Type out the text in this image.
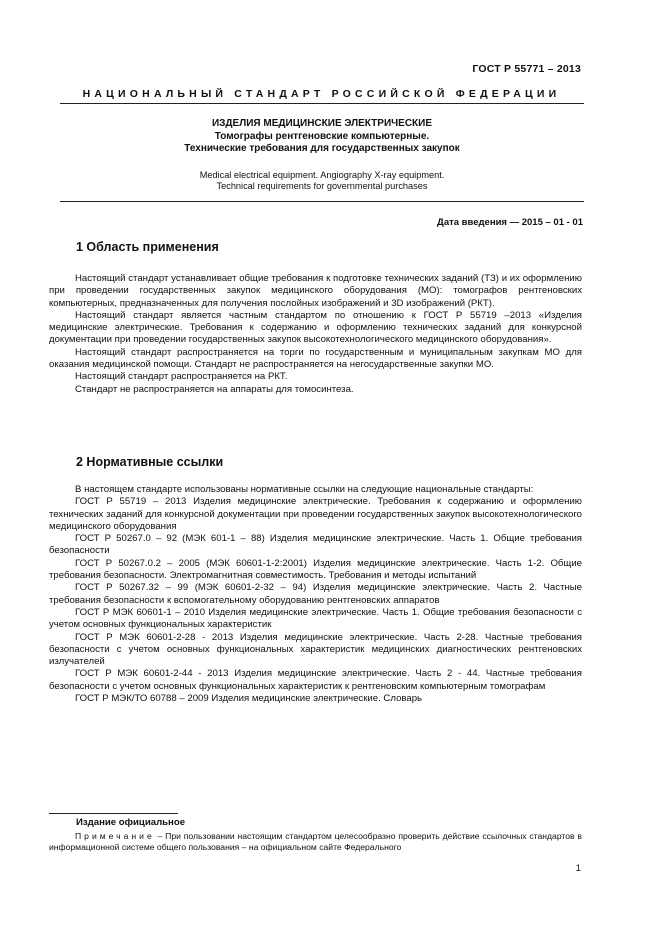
ГОСТ Р 55771 – 2013
НАЦИОНАЛЬНЫЙ СТАНДАРТ РОССИЙСКОЙ ФЕДЕРАЦИИ
ИЗДЕЛИЯ МЕДИЦИНСКИЕ ЭЛЕКТРИЧЕСКИЕ
Томографы рентгеновские компьютерные.
Технические требования для государственных закупок
Medical electrical equipment. Angiography X-ray equipment.
Technical requirements for governmental purchases
Дата введения — 2015 – 01 - 01
1 Область применения

Настоящий стандарт устанавливает общие требования к подготовке технических заданий (ТЗ) и их оформлению при проведении государственных закупок медицинского оборудования (МО): томографов рентгеновских компьютерных, предназначенных для получения послойных изображений и 3D изображений (РКТ).

Настоящий стандарт является частным стандартом по отношению к ГОСТ Р 55719 –2013 «Изделия медицинские электрические. Требования к содержанию и оформлению технических заданий для конкурсной документации при проведении государственных закупок высокотехнологического медицинского оборудования».

Настоящий стандарт распространяется на торги по государственным и муниципальным закупкам МО для оказания медицинской помощи. Стандарт не распространяется на негосударственные закупки МО.

Настоящий стандарт распространяется на РКТ.

Стандарт не распространяется на аппараты для томосинтеза.

2 Нормативные ссылки

В настоящем стандарте использованы нормативные ссылки на следующие национальные стандарты:

ГОСТ Р 55719 – 2013 Изделия медицинские электрические. Требования к содержанию и оформлению технических заданий для конкурсной документации при проведении государственных закупок высокотехнологического медицинского оборудования

ГОСТ Р 50267.0 – 92 (МЭК 601-1 – 88) Изделия медицинские электрические. Часть 1. Общие требования безопасности

ГОСТ Р 50267.0.2 – 2005 (МЭК 60601-1-2:2001) Изделия медицинские электрические. Часть 1-2. Общие требования безопасности. Электромагнитная совместимость. Требования и методы испытаний

ГОСТ Р 50267.32 – 99 (МЭК 60601-2-32 – 94) Изделия медицинские электрические. Часть 2. Частные требования безопасности к вспомогательному оборудованию рентгеновских аппаратов

ГОСТ Р МЭК 60601-1 – 2010 Изделия медицинские электрические. Часть 1. Общие требования безопасности с учетом основных функциональных характеристик

ГОСТ Р МЭК 60601-2-28 - 2013 Изделия медицинские электрические. Часть 2-28. Частные требования безопасности с учетом основных функциональных характеристик медицинских диагностических рентгеновских излучателей

ГОСТ Р МЭК 60601-2-44 - 2013 Изделия медицинские электрические. Часть 2 - 44. Частные требования безопасности с учетом основных функциональных характеристик к рентгеновским компьютерным томографам

ГОСТ Р МЭК/ТО 60788 – 2009 Изделия медицинские электрические. Словарь

Издание официальное
Примечание – При пользовании настоящим стандартом целесообразно проверить действие ссылочных стандартов в информационной системе общего пользования – на официальном сайте Федерального
1
